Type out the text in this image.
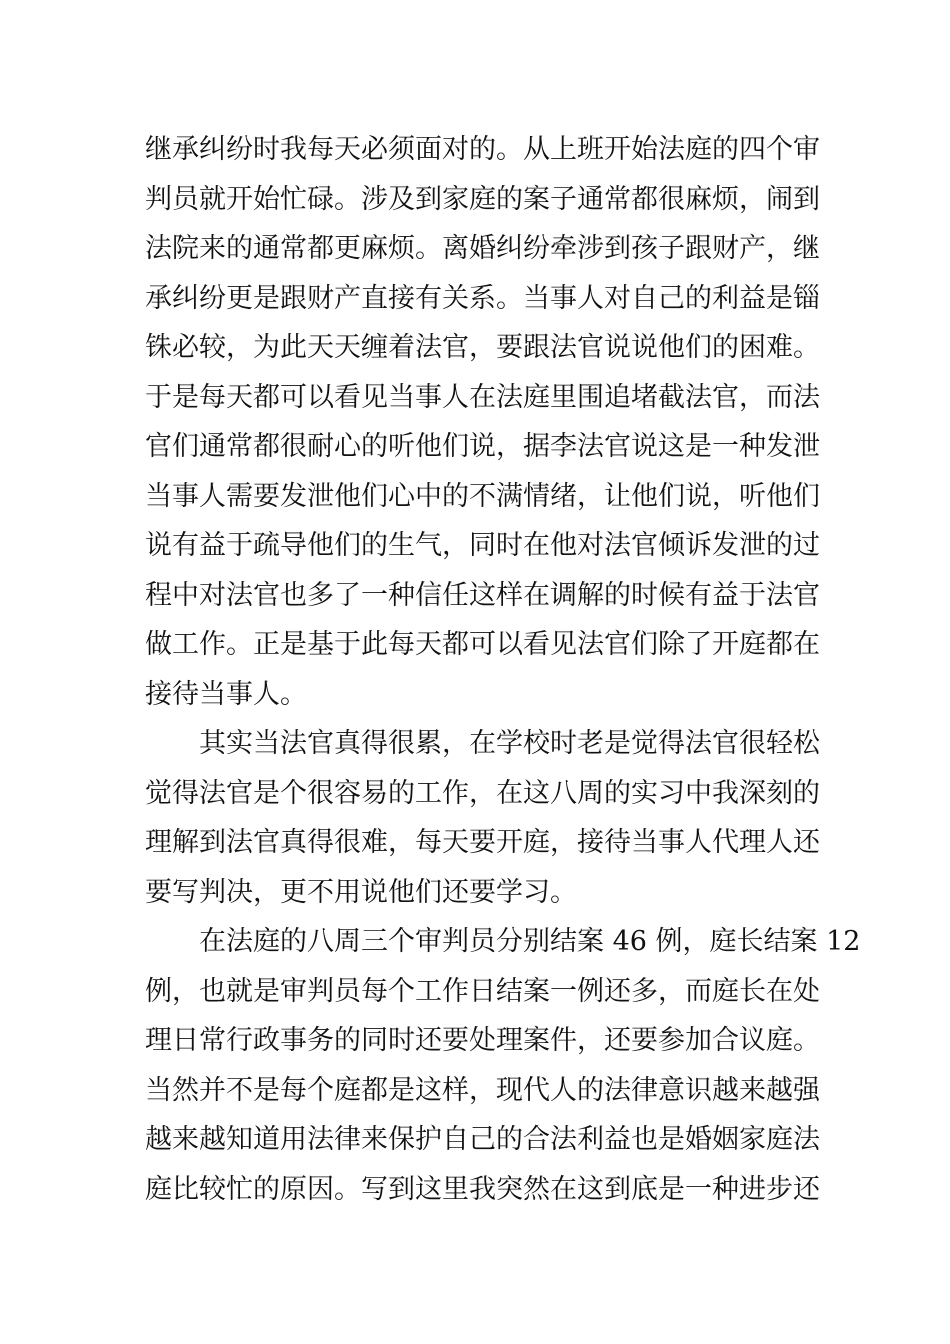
继承纠纷时我每天必须面对的。从上班开始法庭的四个审
判员就开始忙碌。涉及到家庭的案子通常都很麻烦，闹到
法院来的通常都更麻烦。离婚纠纷牵涉到孩子跟财产，继
承纠纷更是跟财产直接有关系。当事人对自己的利益是锱
铢必较，为此天天缠着法官，要跟法官说说他们的困难。
于是每天都可以看见当事人在法庭里围追堵截法官，而法
官们通常都很耐心的听他们说，据李法官说这是一种发泄
当事人需要发泄他们心中的不满情绪，让他们说，听他们
说有益于疏导他们的生气，同时在他对法官倾诉发泄的过
程中对法官也多了一种信任这样在调解的时候有益于法官
做工作。正是基于此每天都可以看见法官们除了开庭都在
接待当事人。
其实当法官真得很累，在学校时老是觉得法官很轻松
觉得法官是个很容易的工作，在这八周的实习中我深刻的
理解到法官真得很难，每天要开庭，接待当事人代理人还
要写判决，更不用说他们还要学习。
在法庭的八周三个审判员分别结案 46 例，庭长结案 12
例，也就是审判员每个工作日结案一例还多，而庭长在处
理日常行政事务的同时还要处理案件，还要参加合议庭。
当然并不是每个庭都是这样，现代人的法律意识越来越强
越来越知道用法律来保护自己的合法利益也是婚姻家庭法
庭比较忙的原因。写到这里我突然在这到底是一种进步还
